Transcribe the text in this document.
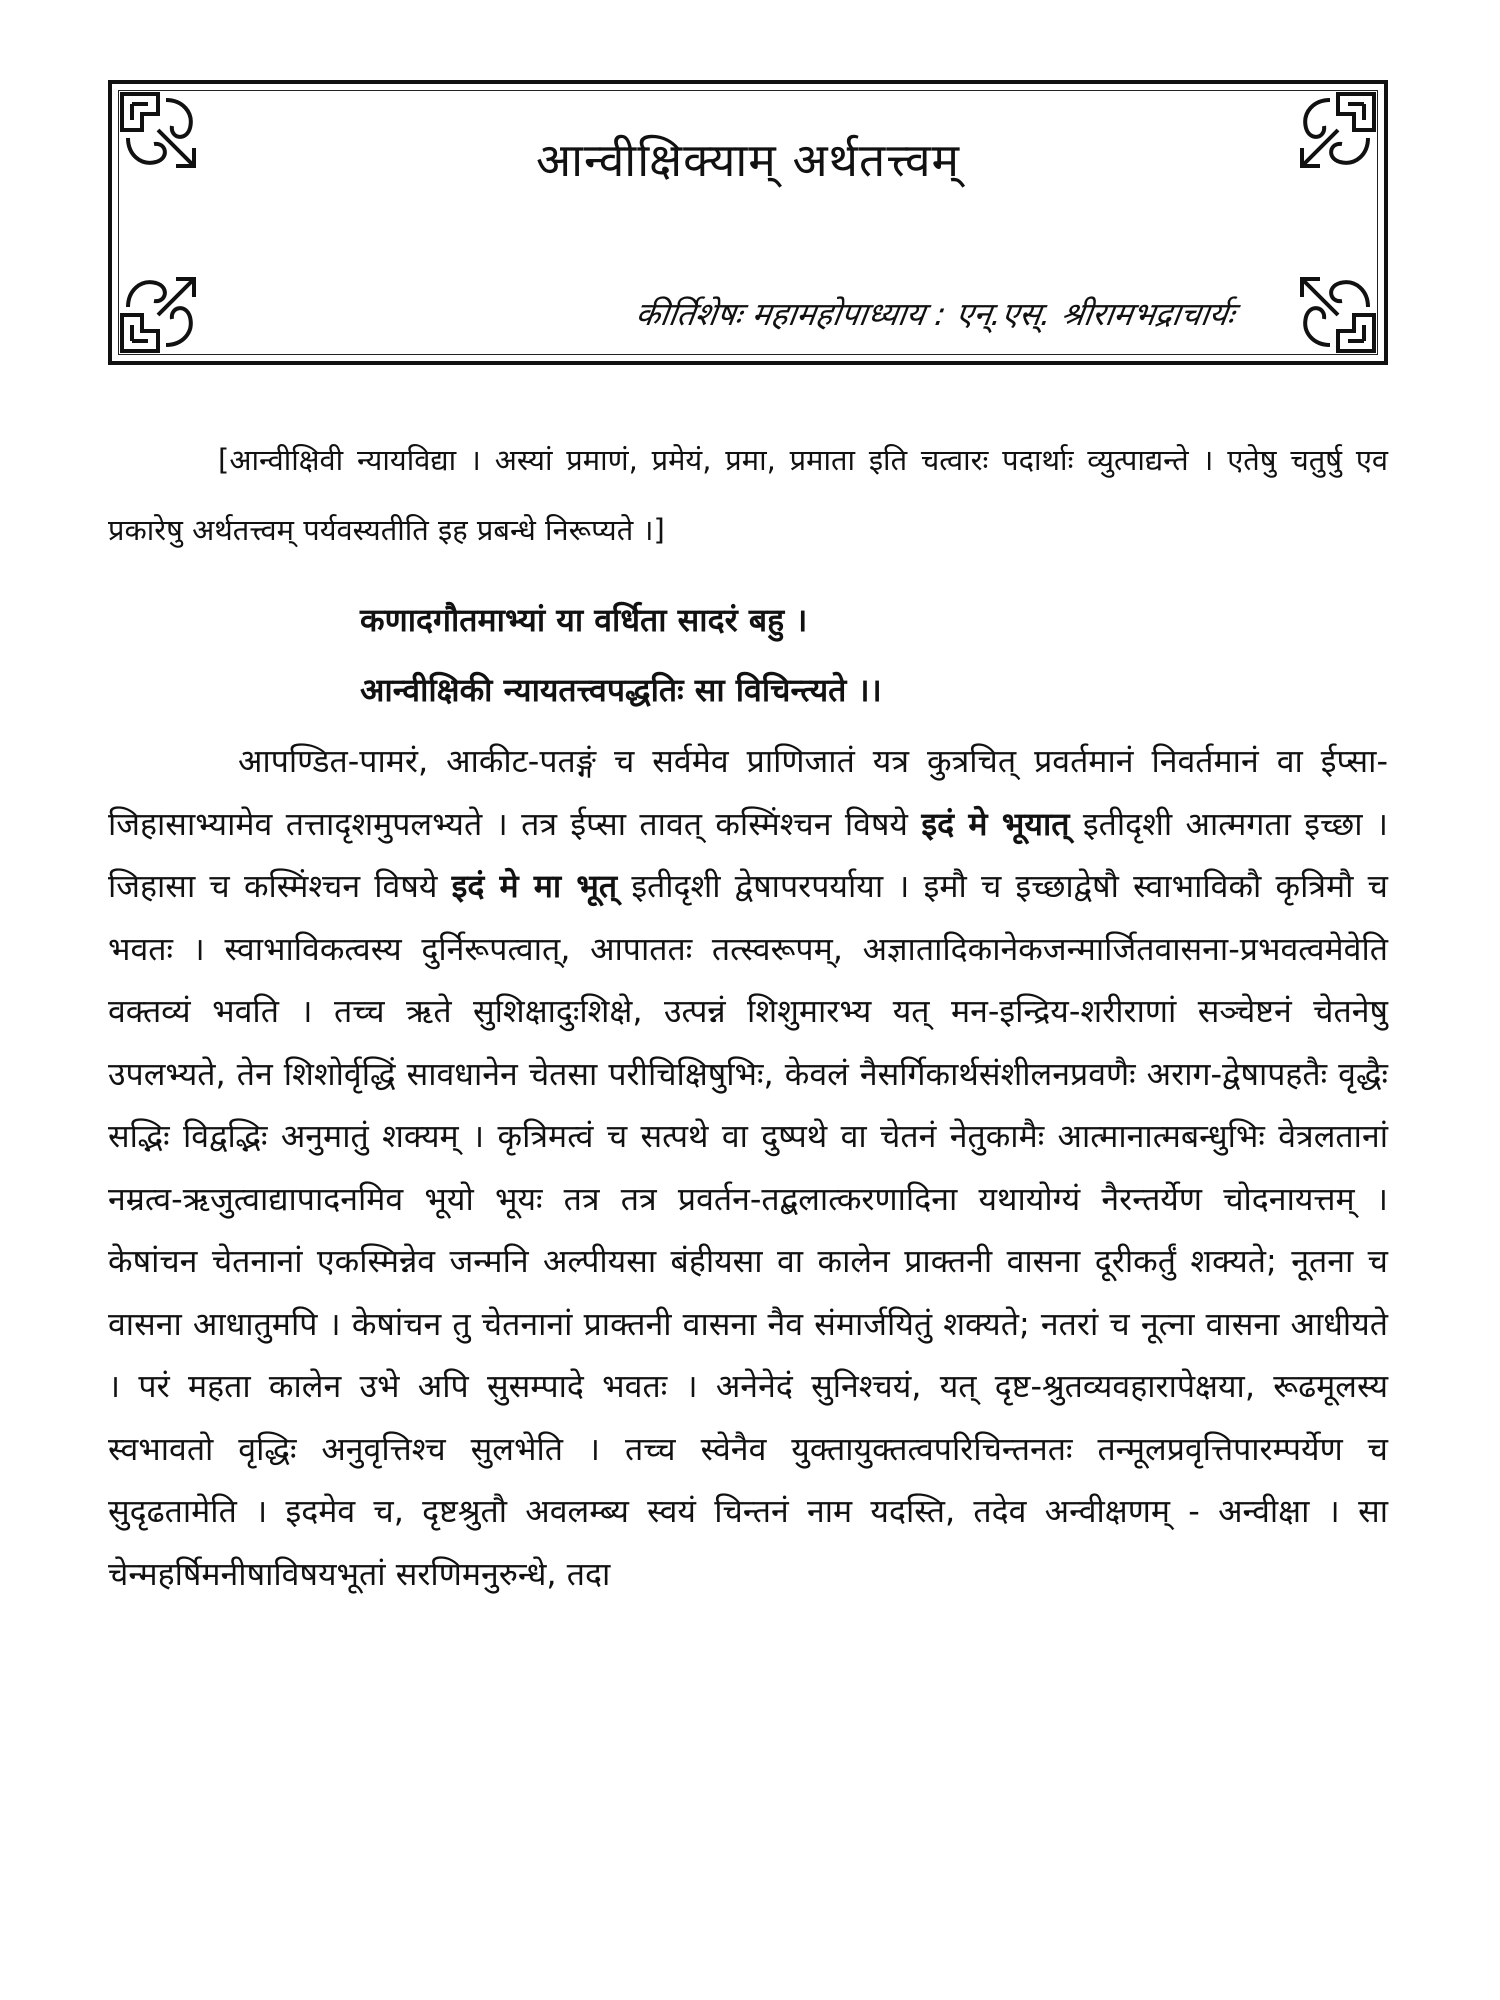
आन्वीक्षिक्याम् अर्थतत्त्वम्
कीर्तिशेषः महामहोपाध्याय : एन्.एस्. श्रीरामभद्राचार्यः
[आन्वीक्षिवी न्यायविद्या । अस्यां प्रमाणं, प्रमेयं, प्रमा, प्रमाता इति चत्वारः पदार्थाः व्युत्पाद्यन्ते । एतेषु चतुर्षु एव प्रकारेषु अर्थतत्त्वम् पर्यवस्यतीति इह प्रबन्धे निरूप्यते ।]
कणादगौतमाभ्यां या वर्धिता सादरं बहु ।
आन्वीक्षिकी न्यायतत्त्वपद्धतिः सा विचिन्त्यते ।।
आपण्डित-पामरं, आकीट-पतङ्गं च सर्वमेव प्राणिजातं यत्र कुत्रचित् प्रवर्तमानं निवर्तमानं वा ईप्सा-जिहासाभ्यामेव तत्तादृशमुपलभ्यते । तत्र ईप्सा तावत् कस्मिंश्चन विषये इदं मे भूयात् इतीदृशी आत्मगता इच्छा । जिहासा च कस्मिंश्चन विषये इदं मे मा भूत् इतीदृशी द्वेषापरपर्याया । इमौ च इच्छाद्वेषौ स्वाभाविकौ कृत्रिमौ च भवतः । स्वाभाविकत्वस्य दुर्निरूपत्वात्, आपाततः तत्स्वरूपम्, अज्ञातादिकानेकजन्मार्जितवासना-प्रभवत्वमेवेति वक्तव्यं भवति । तच्च ऋते सुशिक्षादुःशिक्षे, उत्पन्नं शिशुमारभ्य यत् मन-इन्द्रिय-शरीराणां सञ्चेष्टनं चेतनेषु उपलभ्यते, तेन शिशोर्वृद्धिं सावधानेन चेतसा परीचिक्षिषुभिः, केवलं नैसर्गिकार्थसंशीलनप्रवणैः अराग-द्वेषापहतैः वृद्धैः सद्भिः विद्वद्भिः अनुमातुं शक्यम् । कृत्रिमत्वं च सत्पथे वा दुष्पथे वा चेतनं नेतुकामैः आत्मानात्मबन्धुभिः वेत्रलतानां नम्रत्व-ऋजुत्वाद्यापादनमिव भूयो भूयः तत्र तत्र प्रवर्तन-तद्बलात्करणादिना यथायोग्यं नैरन्तर्येण चोदनायत्तम् । केषांचन चेतनानां एकस्मिन्नेव जन्मनि अल्पीयसा बंहीयसा वा कालेन प्राक्तनी वासना दूरीकर्तुं शक्यते; नूतना च वासना आधातुमपि । केषांचन तु चेतनानां प्राक्तनी वासना नैव संमार्जयितुं शक्यते; नतरां च नूत्ना वासना आधीयते । परं महता कालेन उभे अपि सुसम्पादे भवतः । अनेनेदं सुनिश्चयं, यत् दृष्ट-श्रुतव्यवहारापेक्षया, रूढमूलस्य स्वभावतो वृद्धिः अनुवृत्तिश्च सुलभेति । तच्च स्वेनैव युक्तायुक्तत्वपरिचिन्तनतः तन्मूलप्रवृत्तिपारम्पर्येण च सुदृढतामेति । इदमेव च, दृष्टश्रुतौ अवलम्ब्य स्वयं चिन्तनं नाम यदस्ति, तदेव अन्वीक्षणम् - अन्वीक्षा । सा चेन्महर्षिमनीषाविषयभूतां सरणिमनुरुन्धे, तदा
